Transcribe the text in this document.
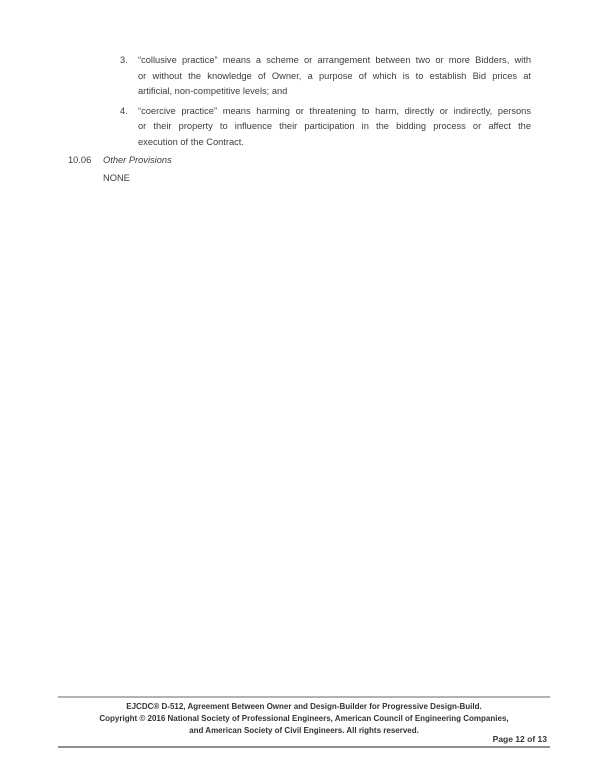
3.	“collusive practice” means a scheme or arrangement between two or more Bidders, with
or without the knowledge of Owner, a purpose of which is to establish Bid prices at
artificial, non-competitive levels; and
4.	“coercive practice” means harming or threatening to harm, directly or indirectly, persons
or their property to influence their participation in the bidding process or affect the
execution of the Contract.
10.06 Other Provisions
NONE
EJCDC® D-512, Agreement Between Owner and Design-Builder for Progressive Design-Build.
Copyright © 2016 National Society of Professional Engineers, American Council of Engineering Companies,
and American Society of Civil Engineers. All rights reserved.
Page 12 of 13
